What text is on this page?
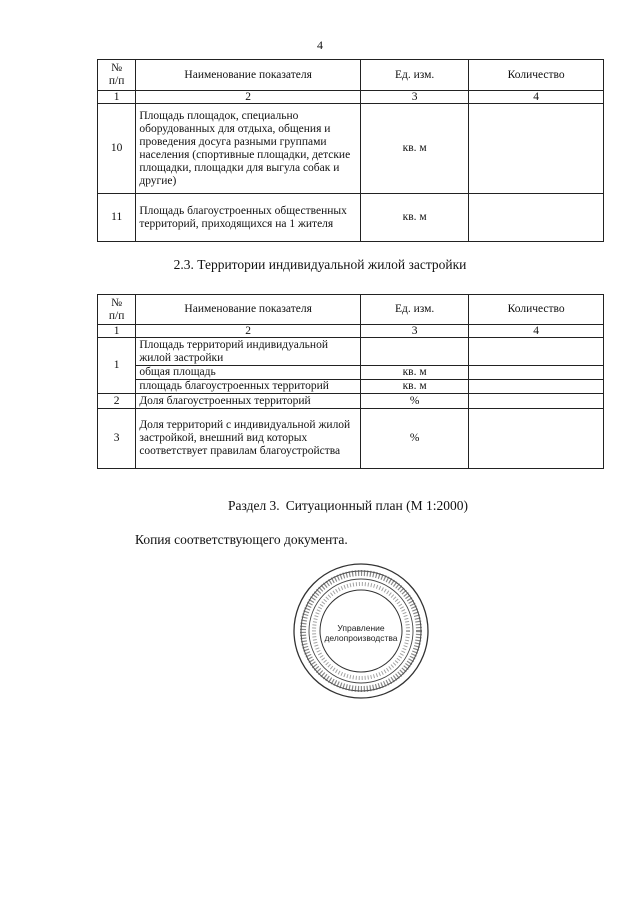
4
№
п/п	Наименование показателя	Ед. изм.	Количество
1	2	3	4
10	Площадь площадок, специально оборудованных для отдыха, общения и проведения досуга разными группами населения (спортивные площадки, детские площадки, площадки для выгула собак и другие)	кв. м	
11	Площадь благоустроенных общественных территорий, приходящихся на 1 жителя	кв. м	
2.3. Территории индивидуальной жилой застройки
№
п/п	Наименование показателя	Ед. изм.	Количество
1	2	3	4
1	Площадь территорий индивидуальной жилой застройки		
	общая площадь	кв. м	
	площадь благоустроенных территорий	кв. м	
2	Доля благоустроенных территорий	%	
3	Доля территорий с индивидуальной жилой застройкой, внешний вид которых соответствует правилам благоустройства	%	
Раздел 3. Ситуационный план (М 1:2000)
Копия соответствующего документа.
Управление
делопроизводства
